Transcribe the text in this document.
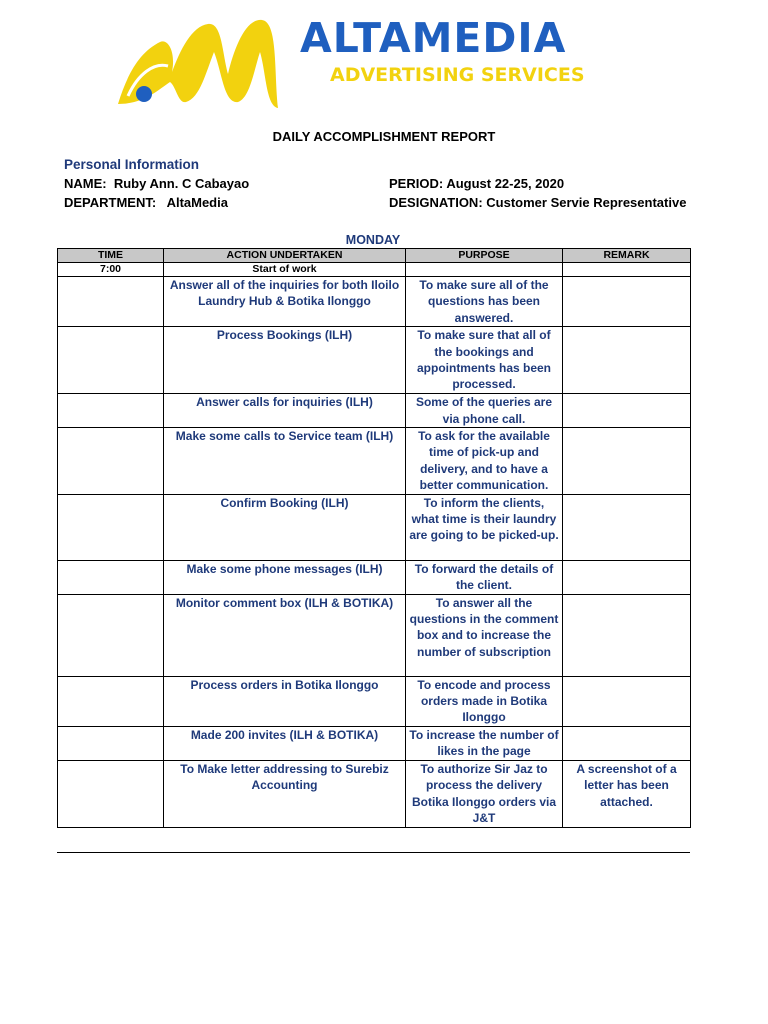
ALTAMEDIA
ADVERTISING SERVICES
DAILY ACCOMPLISHMENT REPORT
Personal Information
NAME: Ruby Ann. C Cabayao
DEPARTMENT: AltaMedia
PERIOD: August 22-25, 2020
DESIGNATION: Customer Servie Representative
MONDAY
TIME	ACTION UNDERTAKEN	PURPOSE	REMARK
7:00	Start of work		
	Answer all of the inquiries for both Iloilo Laundry Hub & Botika Ilonggo	To make sure all of the questions has been answered.	
	Process Bookings (ILH)	To make sure that all of the bookings and appointments has been processed.	
	Answer calls for inquiries (ILH)	Some of the queries are via phone call.	
	Make some calls to Service team (ILH)	To ask for the available time of pick-up and delivery, and to have a better communication.	
	Confirm Booking (ILH)	To inform the clients, what time is their laundry are going to be picked-up.	
	Make some phone messages (ILH)	To forward the details of the client.	
	Monitor comment box (ILH & BOTIKA)	To answer all the questions in the comment box and to increase the number of subscription	
	Process orders in Botika Ilonggo	To encode and process orders made in Botika Ilonggo	
	Made 200 invites (ILH & BOTIKA)	To increase the number of likes in the page	
	To Make letter addressing to Surebiz Accounting	To authorize Sir Jaz to process the delivery Botika Ilonggo orders via J&T	A screenshot of a letter has been attached.
